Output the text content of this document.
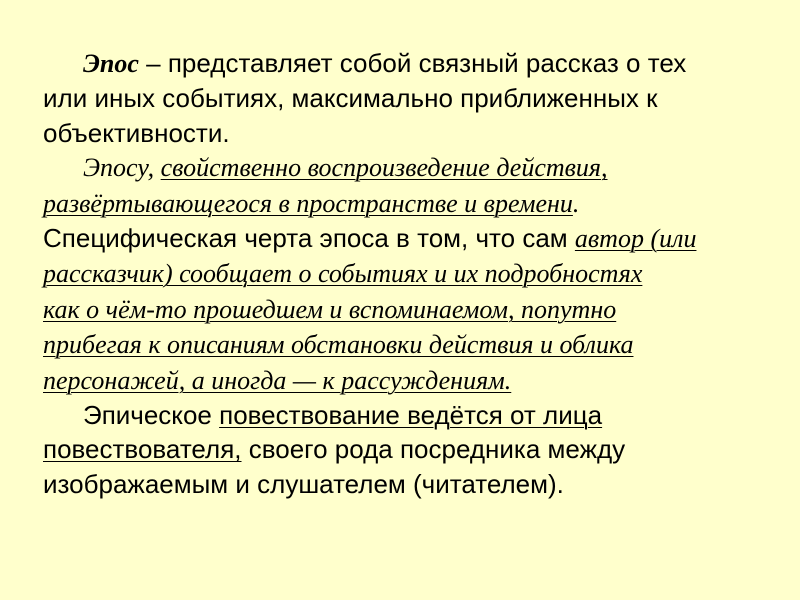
Эпос – представляет собой связный рассказ о тех
или иных событиях, максимально приближенных к
объективности.

Эпосу, свойственно воспроизведение действия,
развёртывающегося в пространстве и времени.
Специфическая черта эпоса в том, что сам автор (или
рассказчик) сообщает о событиях и их подробностях
как о чём-то прошедшем и вспоминаемом, попутно
прибегая к описаниям обстановки действия и облика
персонажей, а иногда — к рассуждениям.

Эпическое повествование ведётся от лица
повествователя, своего рода посредника между
изображаемым и слушателем (читателем).
